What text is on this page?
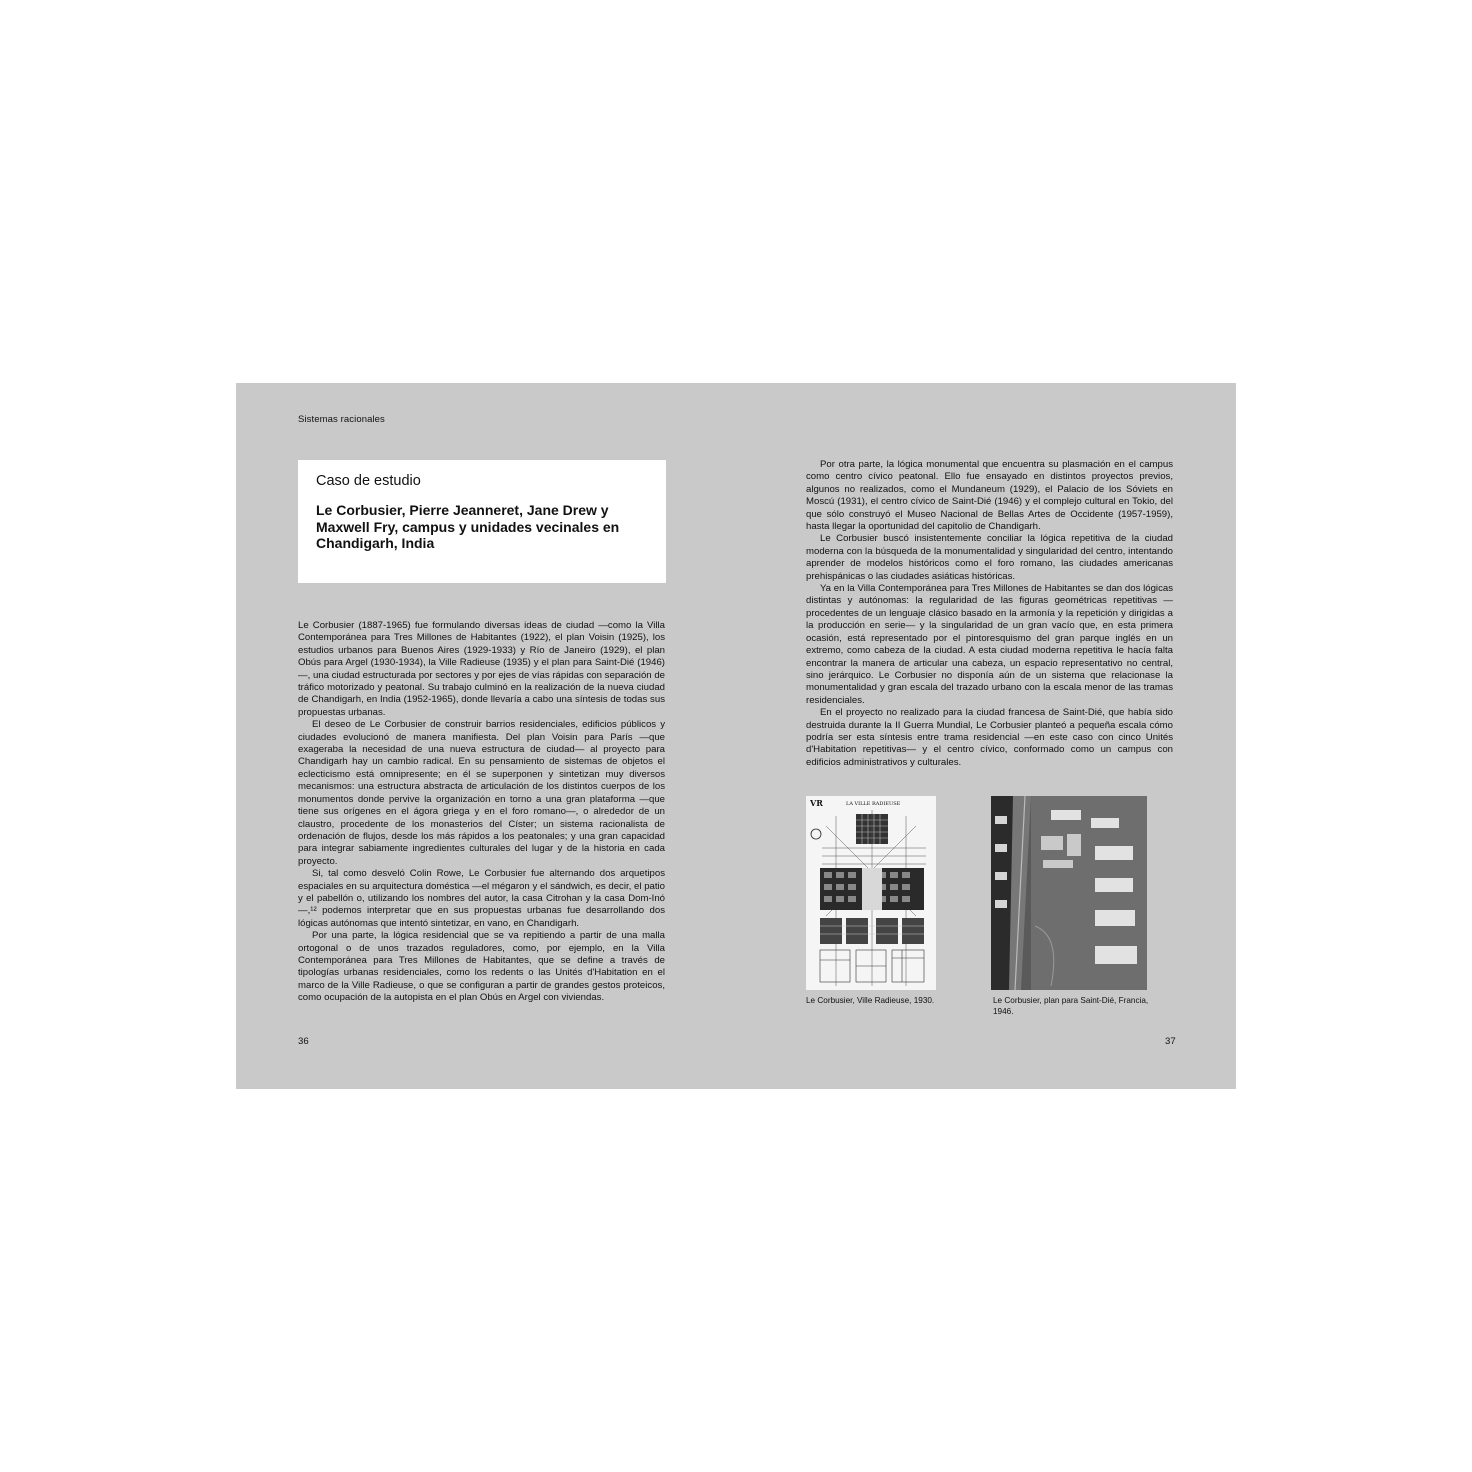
Sistemas racionales
Caso de estudio
Le Corbusier, Pierre Jeanneret, Jane Drew y Maxwell Fry, campus y unidades vecinales en Chandigarh, India

Le Corbusier (1887-1965) fue formulando diversas ideas de ciudad —como la Villa Contemporánea para Tres Millones de Habitantes (1922), el plan Voisin (1925), los estudios urbanos para Buenos Aires (1929-1933) y Río de Janeiro (1929), el plan Obús para Argel (1930-1934), la Ville Radieuse (1935) y el plan para Saint-Dié (1946)—, una ciudad estructurada por sectores y por ejes de vías rápidas con separación de tráfico motorizado y peatonal. Su trabajo culminó en la realización de la nueva ciudad de Chandigarh, en India (1952-1965), donde llevaría a cabo una síntesis de todas sus propuestas urbanas.

El deseo de Le Corbusier de construir barrios residenciales, edificios públicos y ciudades evolucionó de manera manifiesta. Del plan Voisin para París —que exageraba la necesidad de una nueva estructura de ciudad— al proyecto para Chandigarh hay un cambio radical. En su pensamiento de sistemas de objetos el eclecticismo está omnipresente; en él se superponen y sintetizan muy diversos mecanismos: una estructura abstracta de articulación de los distintos cuerpos de los monumentos donde pervive la organización en torno a una gran plataforma —que tiene sus orígenes en el ágora griega y en el foro romano—, o alrededor de un claustro, procedente de los monasterios del Císter; un sistema racionalista de ordenación de flujos, desde los más rápidos a los peatonales; y una gran capacidad para integrar sabiamente ingredientes culturales del lugar y de la historia en cada proyecto.

Si, tal como desveló Colin Rowe, Le Corbusier fue alternando dos arquetipos espaciales en su arquitectura doméstica —el mégaron y el sándwich, es decir, el patio y el pabellón o, utilizando los nombres del autor, la casa Citrohan y la casa Dom-Inó—,¹² podemos interpretar que en sus propuestas urbanas fue desarrollando dos lógicas autónomas que intentó sintetizar, en vano, en Chandigarh.

Por una parte, la lógica residencial que se va repitiendo a partir de una malla ortogonal o de unos trazados reguladores, como, por ejemplo, en la Villa Contemporánea para Tres Millones de Habitantes, que se define a través de tipologías urbanas residenciales, como los redents o las Unités d'Habitation en el marco de la Ville Radieuse, o que se configuran a partir de grandes gestos proteicos, como ocupación de la autopista en el plan Obús en Argel con viviendas.

Por otra parte, la lógica monumental que encuentra su plasmación en el campus como centro cívico peatonal. Ello fue ensayado en distintos proyectos previos, algunos no realizados, como el Mundaneum (1929), el Palacio de los Sóviets en Moscú (1931), el centro cívico de Saint-Dié (1946) y el complejo cultural en Tokio, del que sólo construyó el Museo Nacional de Bellas Artes de Occidente (1957-1959), hasta llegar la oportunidad del capitolio de Chandigarh.

Le Corbusier buscó insistentemente conciliar la lógica repetitiva de la ciudad moderna con la búsqueda de la monumentalidad y singularidad del centro, intentando aprender de modelos históricos como el foro romano, las ciudades americanas prehispánicas o las ciudades asiáticas históricas.

Ya en la Villa Contemporánea para Tres Millones de Habitantes se dan dos lógicas distintas y autónomas: la regularidad de las figuras geométricas repetitivas —procedentes de un lenguaje clásico basado en la armonía y la repetición y dirigidas a la producción en serie— y la singularidad de un gran vacío que, en esta primera ocasión, está representado por el pintoresquismo del gran parque inglés en un extremo, como cabeza de la ciudad. A esta ciudad moderna repetitiva le hacía falta encontrar la manera de articular una cabeza, un espacio representativo no central, sino jerárquico. Le Corbusier no disponía aún de un sistema que relacionase la monumentalidad y gran escala del trazado urbano con la escala menor de las tramas residenciales.

En el proyecto no realizado para la ciudad francesa de Saint-Dié, que había sido destruida durante la II Guerra Mundial, Le Corbusier planteó a pequeña escala cómo podría ser esta síntesis entre trama residencial —en este caso con cinco Unités d'Habitation repetitivas— y el centro cívico, conformado como un campus con edificios administrativos y culturales.

VR	LA VILLE RADIEUSE
Le Corbusier, Ville Radieuse, 1930.	Le Corbusier, plan para Saint-Dié, Francia, 1946.
36	37
